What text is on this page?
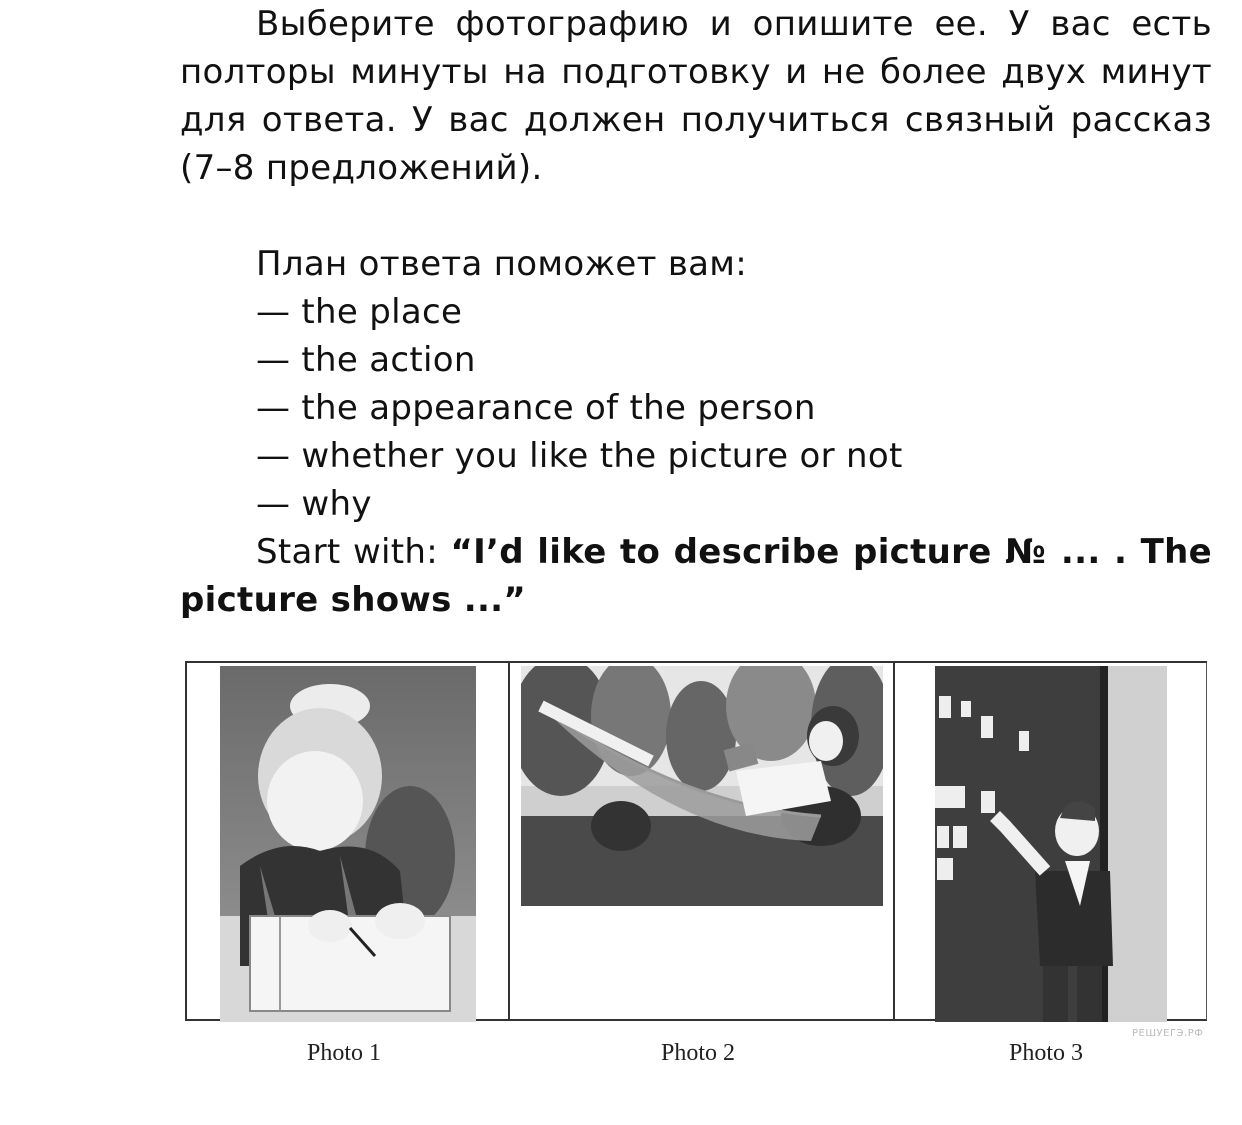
Выберите фотографию и опишите ее. У вас есть полторы минуты на подготовку и не более двух минут для ответа. У вас должен получиться связный рассказ (7–8 предложений).

План ответа поможет вам:

— the place

— the action

— the appearance of the person

— whether you like the picture or not

— why

Start with: “I’d like to describe picture № ... . The picture shows ...”

Photo 1	Photo 2	Photo 3
РЕШУЕГЭ.РФ
